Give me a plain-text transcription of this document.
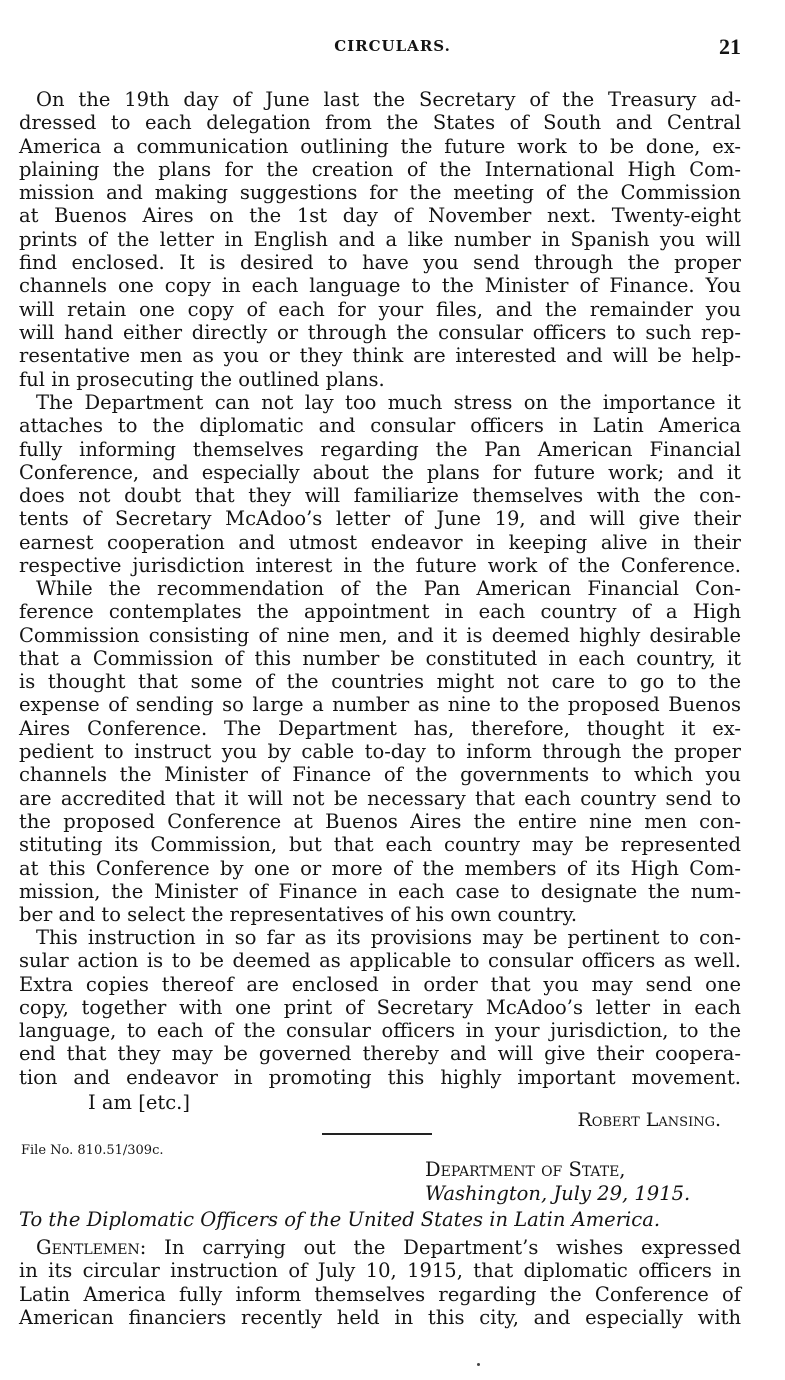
CIRCULARS.	21
On the 19th day of June last the Secretary of the Treasury ad-
dressed to each delegation from the States of South and Central
America a communication outlining the future work to be done, ex-
plaining the plans for the creation of the International High Com-
mission and making suggestions for the meeting of the Commission
at Buenos Aires on the 1st day of November next. Twenty-eight
prints of the letter in English and a like number in Spanish you will
find enclosed. It is desired to have you send through the proper
channels one copy in each language to the Minister of Finance. You
will retain one copy of each for your files, and the remainder you
will hand either directly or through the consular officers to such rep-
resentative men as you or they think are interested and will be help-
ful in prosecuting the outlined plans.
The Department can not lay too much stress on the importance it
attaches to the diplomatic and consular officers in Latin America
fully informing themselves regarding the Pan American Financial
Conference, and especially about the plans for future work; and it
does not doubt that they will familiarize themselves with the con-
tents of Secretary McAdoo’s letter of June 19, and will give their
earnest cooperation and utmost endeavor in keeping alive in their
respective jurisdiction interest in the future work of the Conference.
While the recommendation of the Pan American Financial Con-
ference contemplates the appointment in each country of a High
Commission consisting of nine men, and it is deemed highly desirable
that a Commission of this number be constituted in each country, it
is thought that some of the countries might not care to go to the
expense of sending so large a number as nine to the proposed Buenos
Aires Conference. The Department has, therefore, thought it ex-
pedient to instruct you by cable to-day to inform through the proper
channels the Minister of Finance of the governments to which you
are accredited that it will not be necessary that each country send to
the proposed Conference at Buenos Aires the entire nine men con-
stituting its Commission, but that each country may be represented
at this Conference by one or more of the members of its High Com-
mission, the Minister of Finance in each case to designate the num-
ber and to select the representatives of his own country.
This instruction in so far as its provisions may be pertinent to con-
sular action is to be deemed as applicable to consular officers as well.
Extra copies thereof are enclosed in order that you may send one
copy, together with one print of Secretary McAdoo’s letter in each
language, to each of the consular officers in your jurisdiction, to the
end that they may be governed thereby and will give their coopera-
tion and endeavor in promoting this highly important movement.
I am [etc.]
Robert Lansing.
File No. 810.51/309c.
Department of State,
Washington, July 29, 1915.
To the Diplomatic Officers of the United States in Latin America.
Gentlemen: In carrying out the Department’s wishes expressed
in its circular instruction of July 10, 1915, that diplomatic officers in
Latin America fully inform themselves regarding the Conference of
American financiers recently held in this city, and especially with
